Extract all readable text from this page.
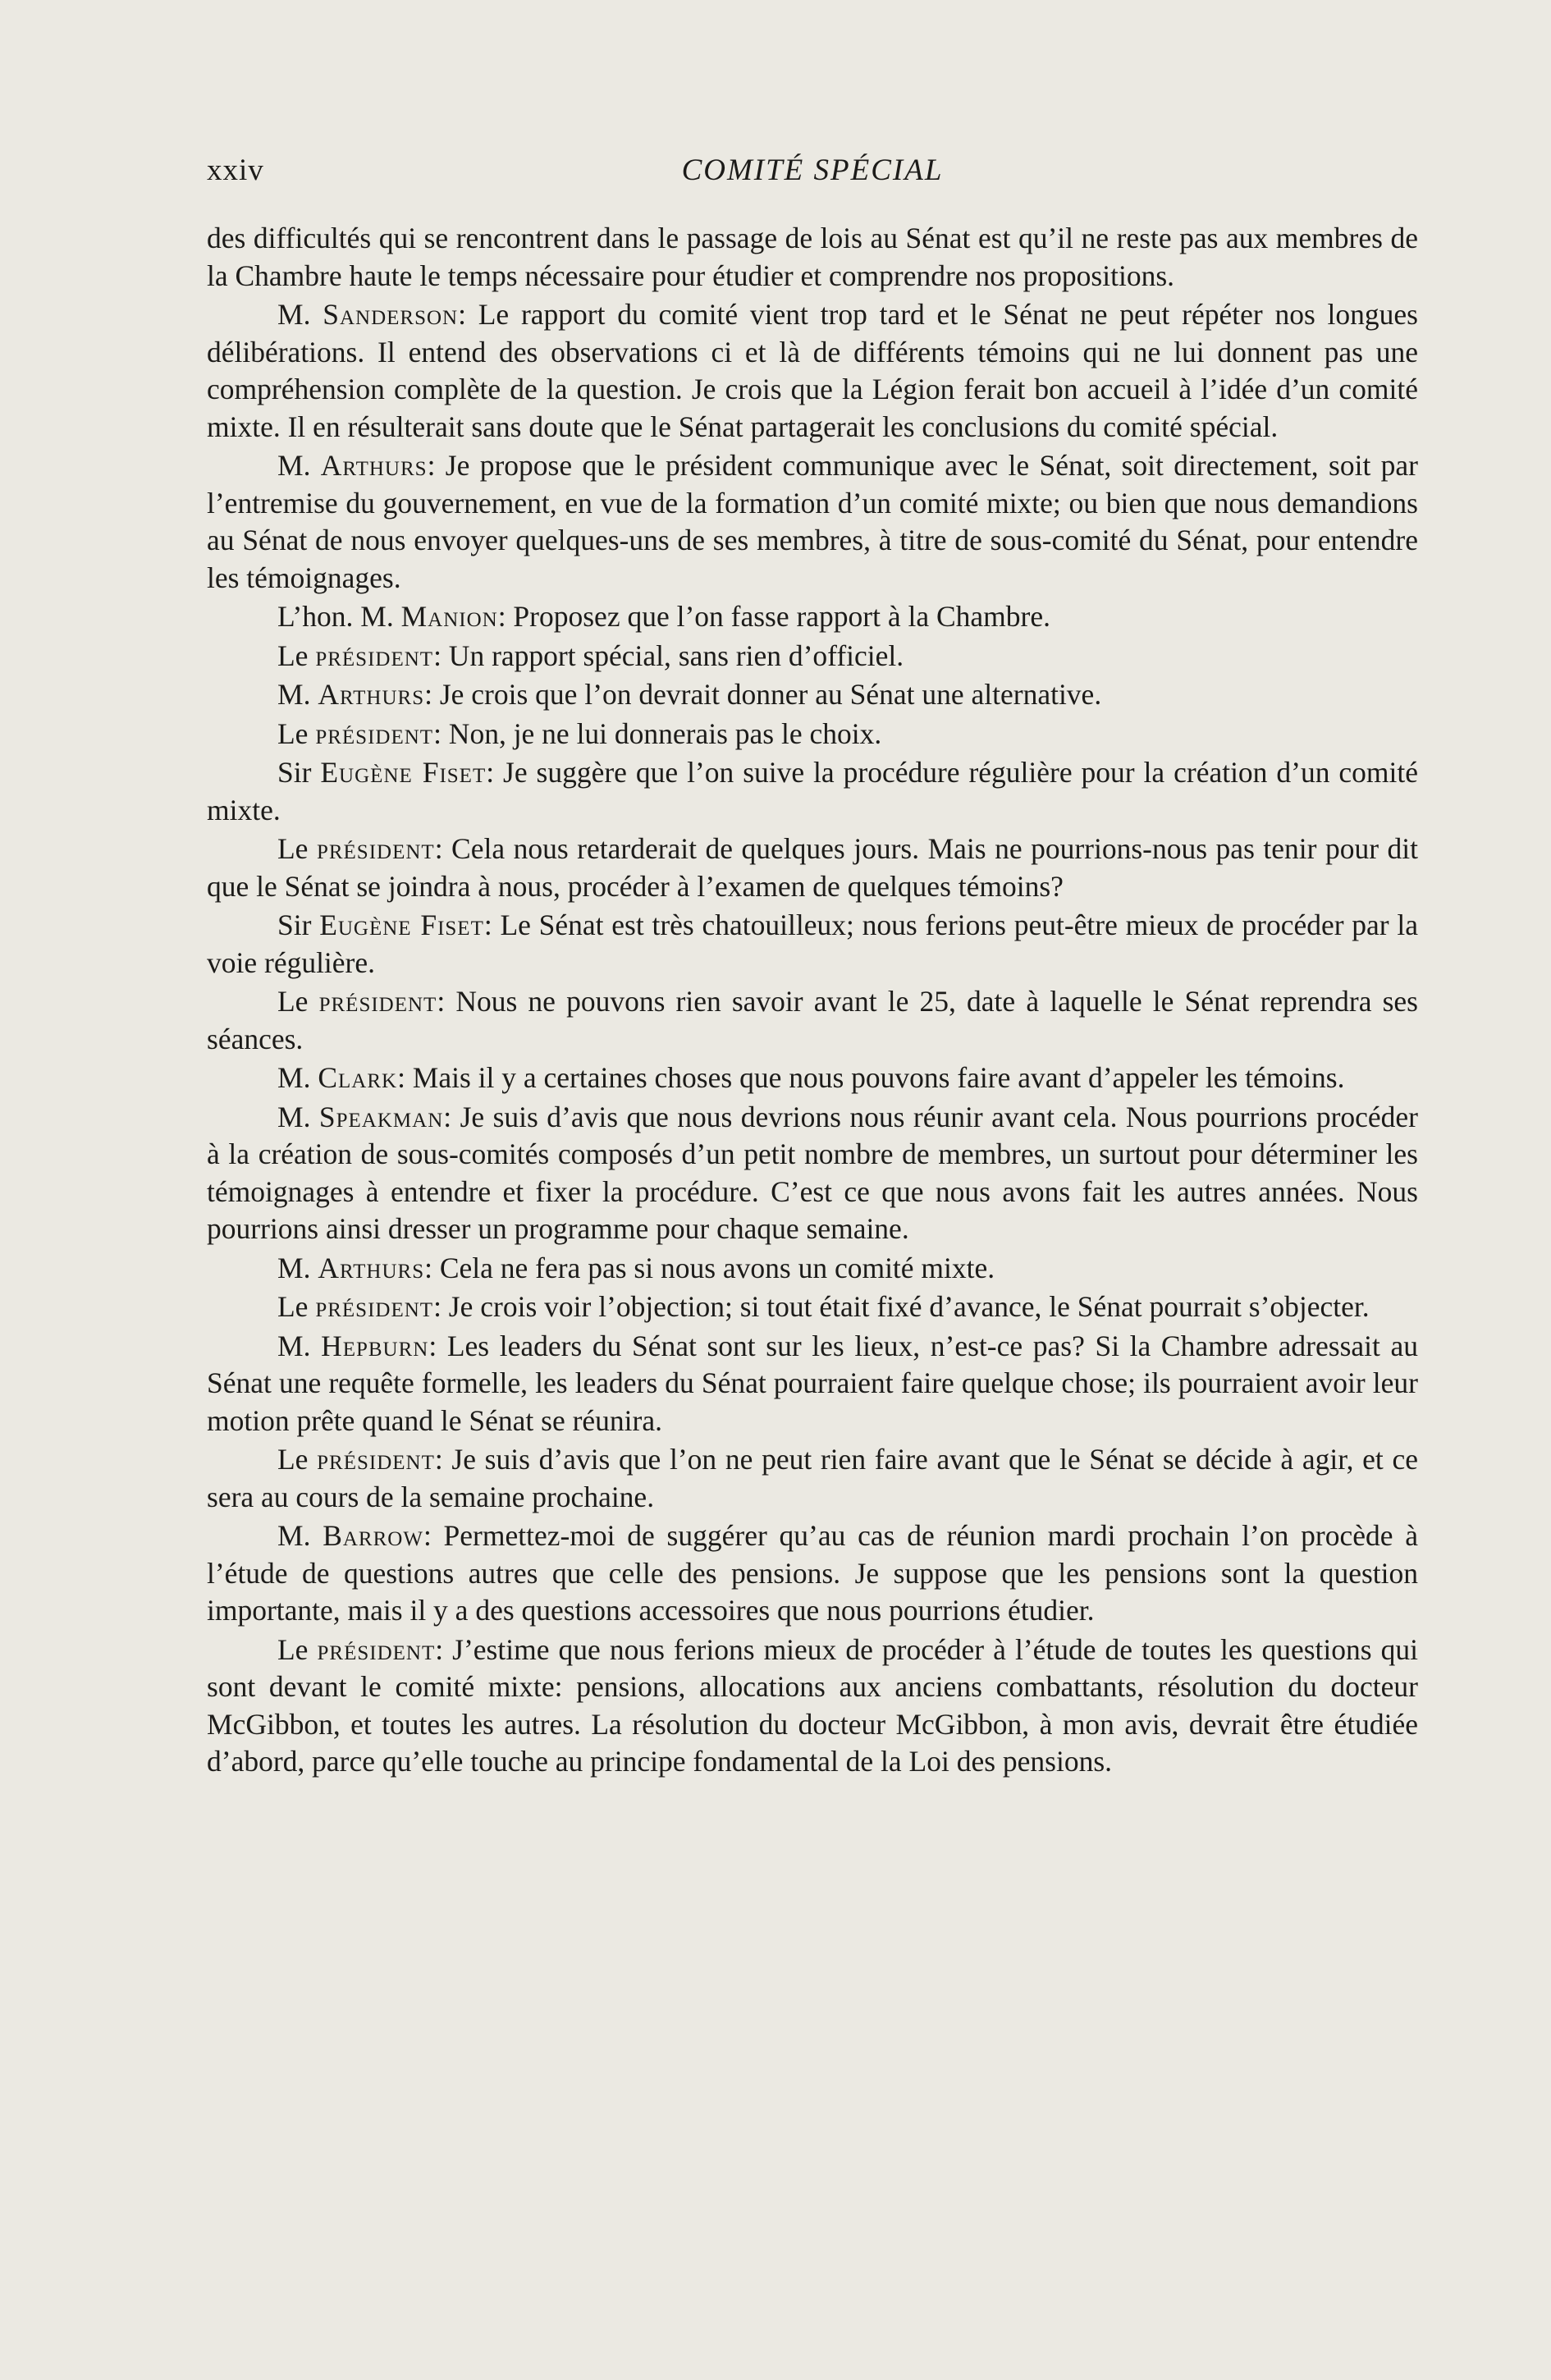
xxiv	COMITÉ SPÉCIAL

des difficultés qui se rencontrent dans le passage de lois au Sénat est qu’il ne reste pas aux membres de la Chambre haute le temps nécessaire pour étudier et comprendre nos propositions.

M. Sanderson: Le rapport du comité vient trop tard et le Sénat ne peut répéter nos longues délibérations. Il entend des observations ci et là de différents témoins qui ne lui donnent pas une compréhension complète de la question. Je crois que la Légion ferait bon accueil à l’idée d’un comité mixte. Il en résulterait sans doute que le Sénat partagerait les conclusions du comité spécial.

M. Arthurs: Je propose que le président communique avec le Sénat, soit directement, soit par l’entremise du gouvernement, en vue de la formation d’un comité mixte; ou bien que nous demandions au Sénat de nous envoyer quelques-uns de ses membres, à titre de sous-comité du Sénat, pour entendre les témoignages.

L’hon. M. Manion: Proposez que l’on fasse rapport à la Chambre.

Le président: Un rapport spécial, sans rien d’officiel.

M. Arthurs: Je crois que l’on devrait donner au Sénat une alternative.

Le président: Non, je ne lui donnerais pas le choix.

Sir Eugène Fiset: Je suggère que l’on suive la procédure régulière pour la création d’un comité mixte.

Le président: Cela nous retarderait de quelques jours. Mais ne pourrions-nous pas tenir pour dit que le Sénat se joindra à nous, procéder à l’examen de quelques témoins?

Sir Eugène Fiset: Le Sénat est très chatouilleux; nous ferions peut-être mieux de procéder par la voie régulière.

Le président: Nous ne pouvons rien savoir avant le 25, date à laquelle le Sénat reprendra ses séances.

M. Clark: Mais il y a certaines choses que nous pouvons faire avant d’appeler les témoins.

M. Speakman: Je suis d’avis que nous devrions nous réunir avant cela. Nous pourrions procéder à la création de sous-comités composés d’un petit nombre de membres, un surtout pour déterminer les témoignages à entendre et fixer la procédure. C’est ce que nous avons fait les autres années. Nous pourrions ainsi dresser un programme pour chaque semaine.

M. Arthurs: Cela ne fera pas si nous avons un comité mixte.

Le président: Je crois voir l’objection; si tout était fixé d’avance, le Sénat pourrait s’objecter.

M. Hepburn: Les leaders du Sénat sont sur les lieux, n’est-ce pas? Si la Chambre adressait au Sénat une requête formelle, les leaders du Sénat pourraient faire quelque chose; ils pourraient avoir leur motion prête quand le Sénat se réunira.

Le président: Je suis d’avis que l’on ne peut rien faire avant que le Sénat se décide à agir, et ce sera au cours de la semaine prochaine.

M. Barrow: Permettez-moi de suggérer qu’au cas de réunion mardi prochain l’on procède à l’étude de questions autres que celle des pensions. Je suppose que les pensions sont la question importante, mais il y a des questions accessoires que nous pourrions étudier.

Le président: J’estime que nous ferions mieux de procéder à l’étude de toutes les questions qui sont devant le comité mixte: pensions, allocations aux anciens combattants, résolution du docteur McGibbon, et toutes les autres. La résolution du docteur McGibbon, à mon avis, devrait être étudiée d’abord, parce qu’elle touche au principe fondamental de la Loi des pensions.
